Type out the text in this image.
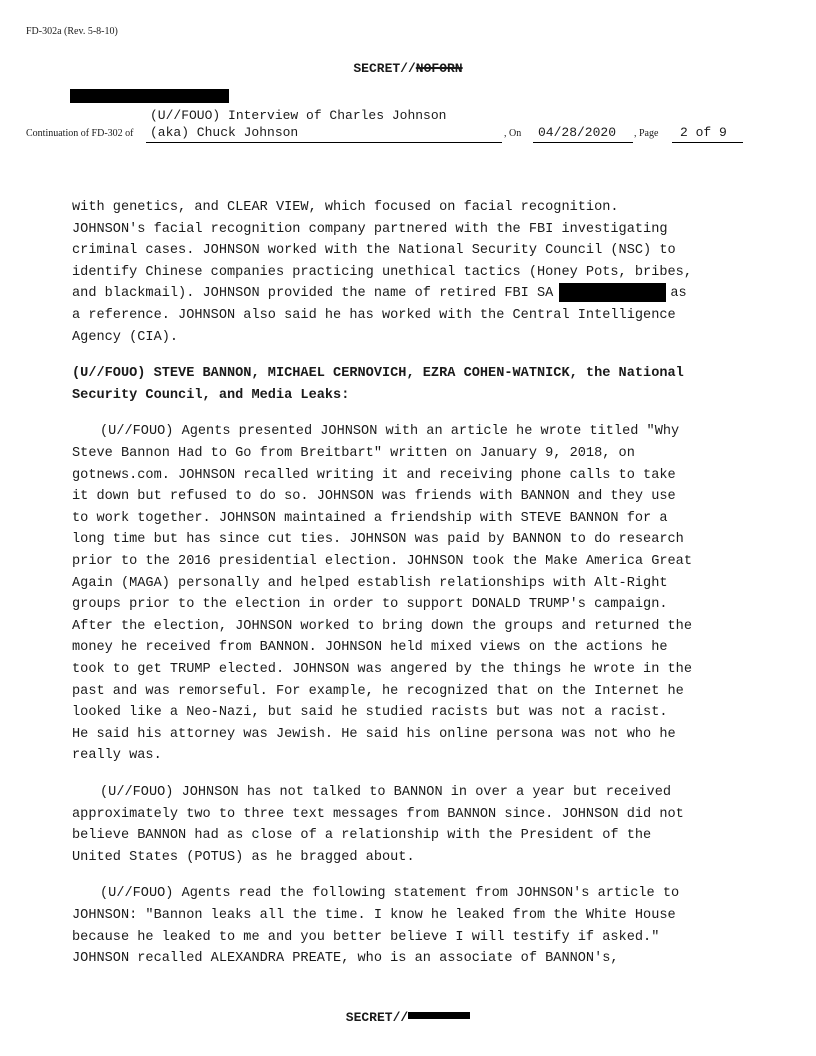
FD-302a (Rev. 5-8-10)
SECRET//NOFORN
(U//FOUO) Interview of Charles Johnson
Continuation of FD-302 of (aka) Chuck Johnson	, On 04/28/2020 , Page 2 of 9

with genetics, and CLEAR VIEW, which focused on facial recognition.
JOHNSON's facial recognition company partnered with the FBI investigating
criminal cases. JOHNSON worked with the National Security Council (NSC) to
identify Chinese companies practicing unethical tactics (Honey Pots, bribes,
and blackmail). JOHNSON provided the name of retired FBI SA	as
a reference. JOHNSON also said he has worked with the Central Intelligence
Agency (CIA).

(U//FOUO) STEVE BANNON, MICHAEL CERNOVICH, EZRA COHEN-WATNICK, the National
Security Council, and Media Leaks:

(U//FOUO) Agents presented JOHNSON with an article he wrote titled "Why
Steve Bannon Had to Go from Breitbart" written on January 9, 2018, on
gotnews.com. JOHNSON recalled writing it and receiving phone calls to take
it down but refused to do so. JOHNSON was friends with BANNON and they use
to work together. JOHNSON maintained a friendship with STEVE BANNON for a
long time but has since cut ties. JOHNSON was paid by BANNON to do research
prior to the 2016 presidential election. JOHNSON took the Make America Great
Again (MAGA) personally and helped establish relationships with Alt-Right
groups prior to the election in order to support DONALD TRUMP's campaign.
After the election, JOHNSON worked to bring down the groups and returned the
money he received from BANNON. JOHNSON held mixed views on the actions he
took to get TRUMP elected. JOHNSON was angered by the things he wrote in the
past and was remorseful. For example, he recognized that on the Internet he
looked like a Neo-Nazi, but said he studied racists but was not a racist.
He said his attorney was Jewish. He said his online persona was not who he
really was.

(U//FOUO) JOHNSON has not talked to BANNON in over a year but received
approximately two to three text messages from BANNON since. JOHNSON did not
believe BANNON had as close of a relationship with the President of the
United States (POTUS) as he bragged about.

(U//FOUO) Agents read the following statement from JOHNSON's article to
JOHNSON: "Bannon leaks all the time. I know he leaked from the White House
because he leaked to me and you better believe I will testify if asked."
JOHNSON recalled ALEXANDRA PREATE, who is an associate of BANNON's,

SECRET//
